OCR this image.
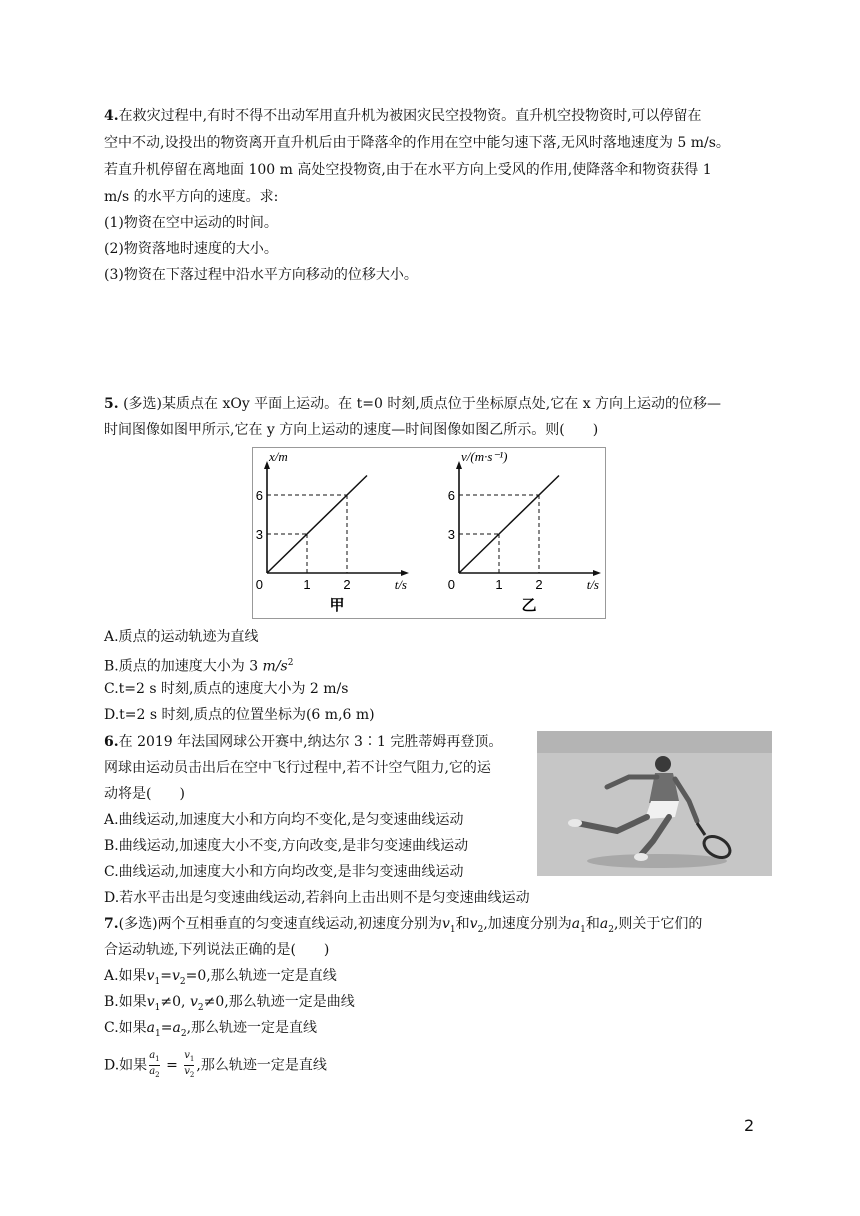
4.在救灾过程中,有时不得不出动军用直升机为被困灾民空投物资。直升机空投物资时,可以停留在
空中不动,设投出的物资离开直升机后由于降落伞的作用在空中能匀速下落,无风时落地速度为 5 m/s。
若直升机停留在离地面 100 m 高处空投物资,由于在水平方向上受风的作用,使降落伞和物资获得 1
m/s 的水平方向的速度。求:
(1)物资在空中运动的时间。
(2)物资落地时速度的大小。
(3)物资在下落过程中沿水平方向移动的位移大小。
5. (多选)某质点在 xOy 平面上运动。在 t=0 时刻,质点位于坐标原点处,它在 x 方向上运动的位移—
时间图像如图甲所示,它在 y 方向上运动的速度—时间图像如图乙所示。则(　　)
1	2
3
6
0	t/s
x/m
甲
1	2
3
6
0	t/s
v/(m·s⁻¹)
乙
A.质点的运动轨迹为直线
B.质点的加速度大小为 3 $m/s^2$
C.t=2 s 时刻,质点的速度大小为 2 m/s
D.t=2 s 时刻,质点的位置坐标为(6 m,6 m)
6.在 2019 年法国网球公开赛中,纳达尔 3∶1 完胜蒂姆再登顶。
网球由运动员击出后在空中飞行过程中,若不计空气阻力,它的运
动将是(　　)
A.曲线运动,加速度大小和方向均不变化,是匀变速曲线运动
B.曲线运动,加速度大小不变,方向改变,是非匀变速曲线运动
C.曲线运动,加速度大小和方向均改变,是非匀变速曲线运动
D.若水平击出是匀变速曲线运动,若斜向上击出则不是匀变速曲线运动
7.(多选)两个互相垂直的匀变速直线运动,初速度分别为$v_1$和$v_2$,加速度分别为$a_1$和$a_2$,则关于它们的
合运动轨迹,下列说法正确的是(　　)
A.如果$v_1=v_2=0$,那么轨迹一定是直线
B.如果$v_1\ne 0$, $v_2\ne 0$,那么轨迹一定是曲线
C.如果$a_1=a_2$,那么轨迹一定是直线
D.如果 $\frac{a_1}{a_2} = \frac{v_1}{v_2}$ ,那么轨迹一定是直线
2
